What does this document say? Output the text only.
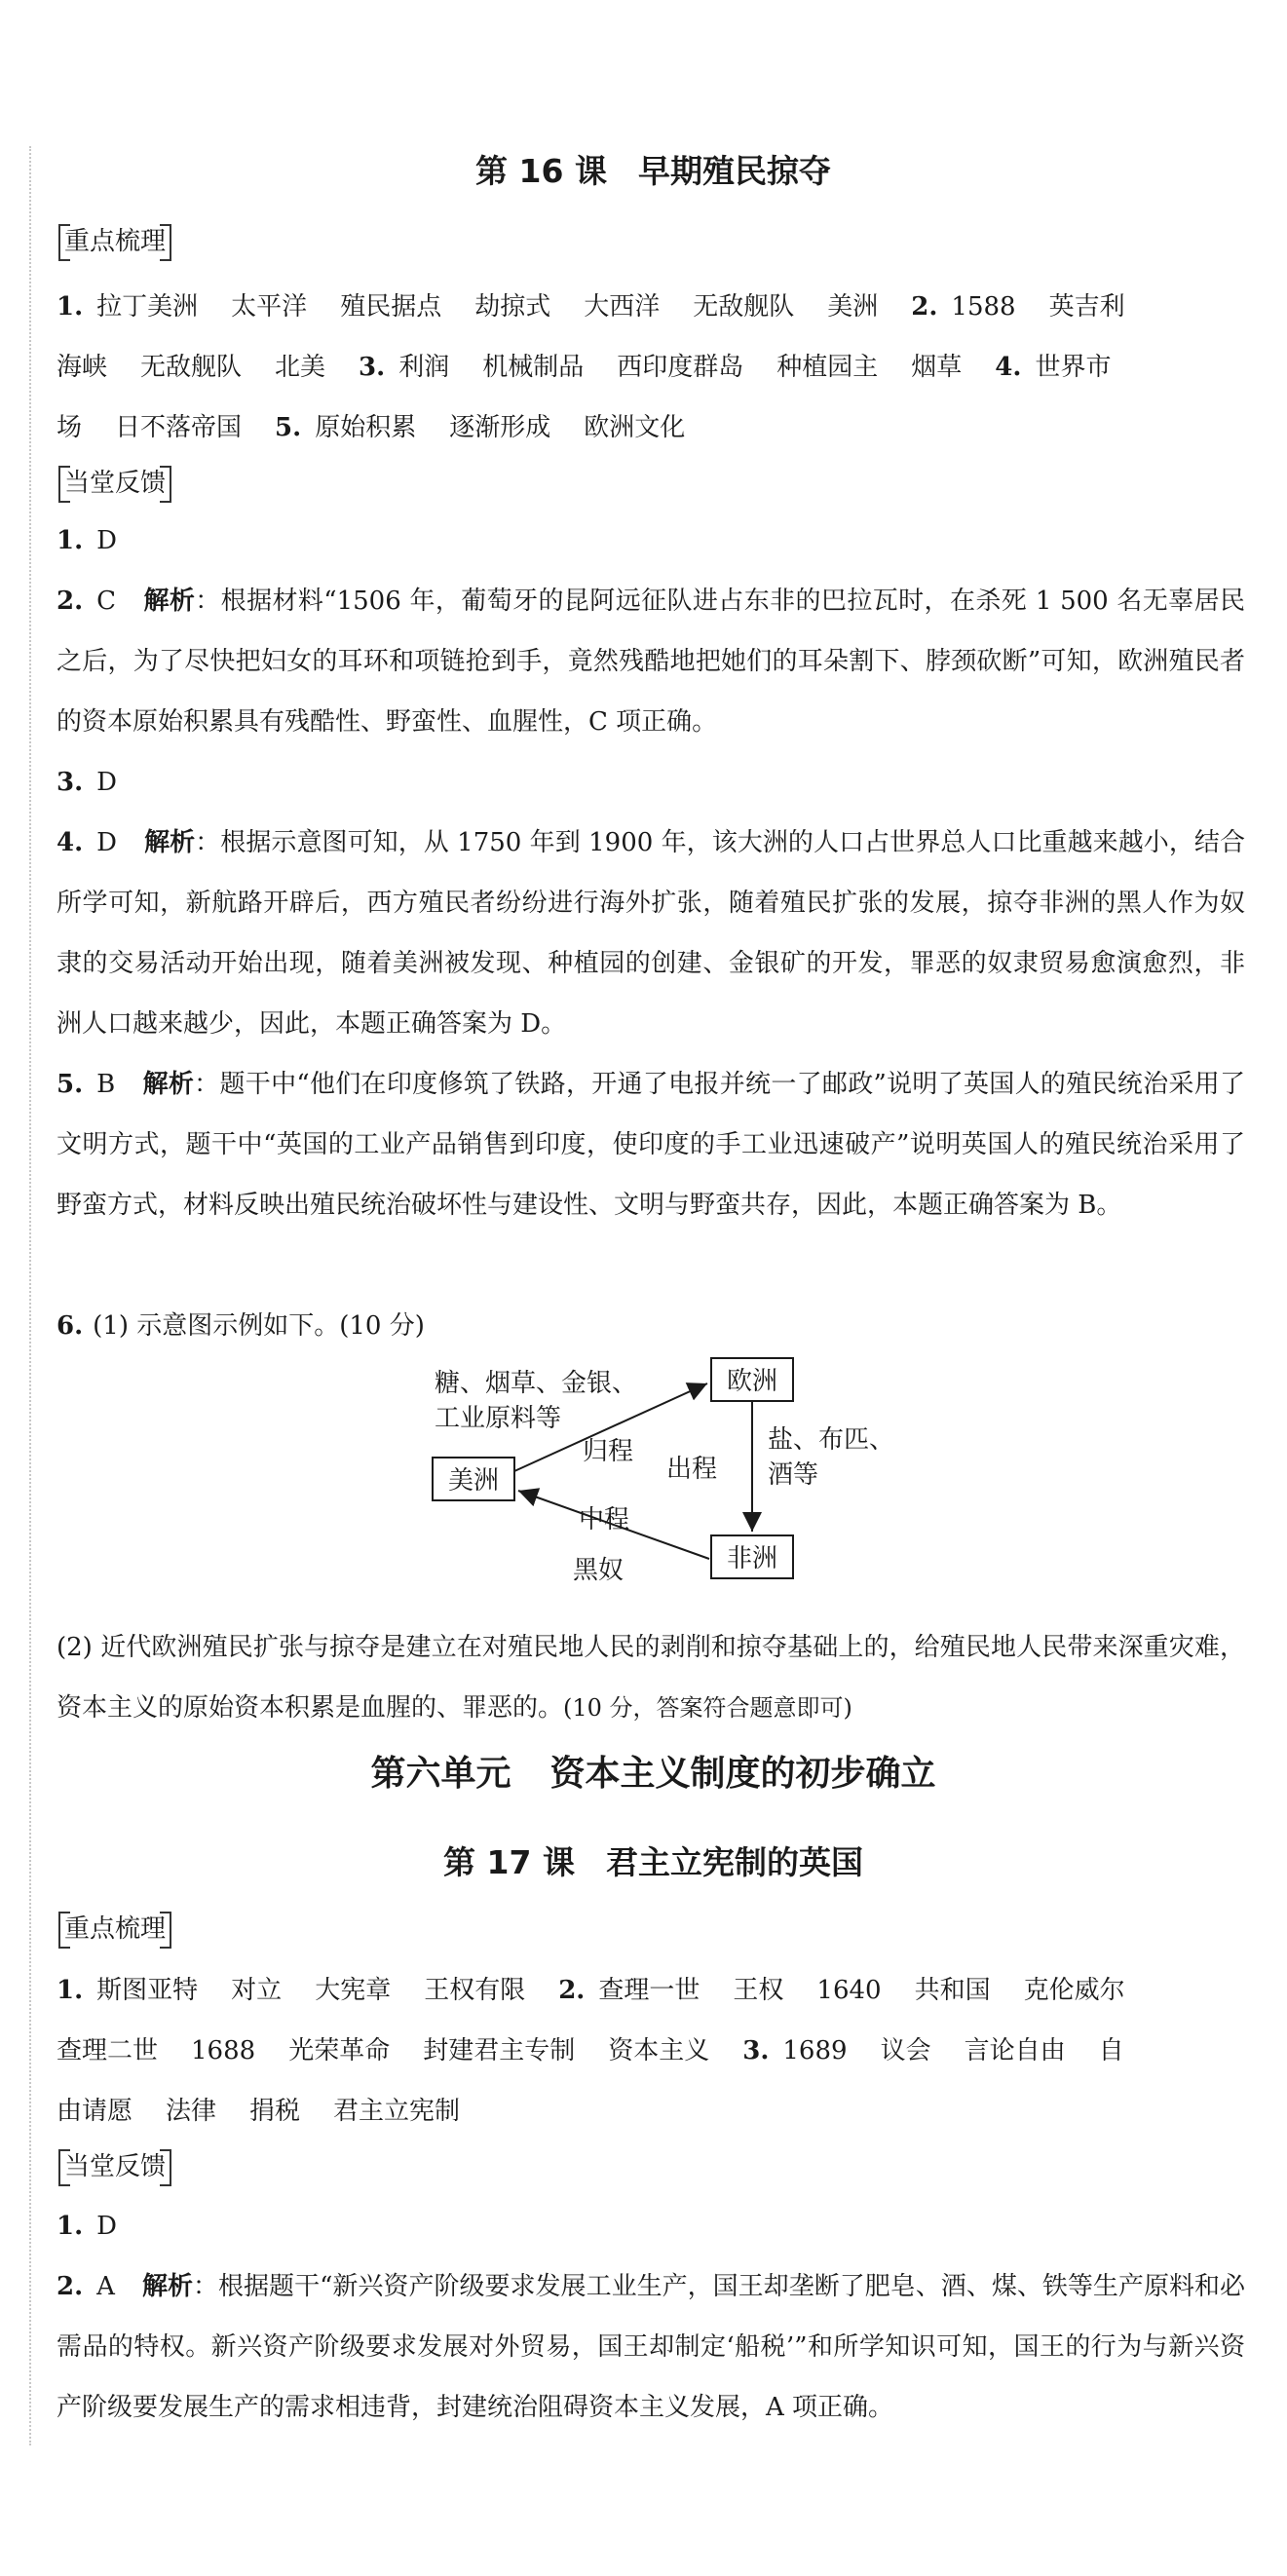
第 16 课 早期殖民掠夺
重点梳理
1. 拉丁美洲 太平洋 殖民据点 劫掠式 大西洋 无敌舰队 美洲 2. 1588 英吉利
海峡 无敌舰队 北美 3. 利润 机械制品 西印度群岛 种植园主 烟草 4. 世界市
场 日不落帝国 5. 原始积累 逐渐形成 欧洲文化
当堂反馈
1. D
2. C 解析：根据材料“1506 年，葡萄牙的昆阿远征队进占东非的巴拉瓦时，在杀死 1 500 名无辜居民之后，为了尽快把妇女的耳环和项链抢到手，竟然残酷地把她们的耳朵割下、脖颈砍断”可知，欧洲殖民者的资本原始积累具有残酷性、野蛮性、血腥性，C 项正确。
3. D
4. D 解析：根据示意图可知，从 1750 年到 1900 年，该大洲的人口占世界总人口比重越来越小，结合所学可知，新航路开辟后，西方殖民者纷纷进行海外扩张，随着殖民扩张的发展，掠夺非洲的黑人作为奴隶的交易活动开始出现，随着美洲被发现、种植园的创建、金银矿的开发，罪恶的奴隶贸易愈演愈烈，非洲人口越来越少，因此，本题正确答案为 D。
5. B 解析：题干中“他们在印度修筑了铁路，开通了电报并统一了邮政”说明了英国人的殖民统治采用了文明方式，题干中“英国的工业产品销售到印度，使印度的手工业迅速破产”说明英国人的殖民统治采用了野蛮方式，材料反映出殖民统治破坏性与建设性、文明与野蛮共存，因此，本题正确答案为 B。
6. (1) 示意图示例如下。(10 分)
欧洲
美洲
非洲
糖、烟草、金银、
工业原料等
归程
出程
盐、布匹、
酒等
中程
黑奴
(2) 近代欧洲殖民扩张与掠夺是建立在对殖民地人民的剥削和掠夺基础上的，给殖民地人民带来深重灾难，资本主义的原始资本积累是血腥的、罪恶的。(10 分，答案符合题意即可)
第六单元 资本主义制度的初步确立
第 17 课 君主立宪制的英国
重点梳理
1. 斯图亚特 对立 大宪章 王权有限 2. 查理一世 王权 1640 共和国 克伦威尔
查理二世 1688 光荣革命 封建君主专制 资本主义 3. 1689 议会 言论自由 自
由请愿 法律 捐税 君主立宪制
当堂反馈
1. D
2. A 解析：根据题干“新兴资产阶级要求发展工业生产，国王却垄断了肥皂、酒、煤、铁等生产原料和必需品的特权。新兴资产阶级要求发展对外贸易，国王却制定‘船税’”和所学知识可知，国王的行为与新兴资产阶级要发展生产的需求相违背，封建统治阻碍资本主义发展，A 项正确。
